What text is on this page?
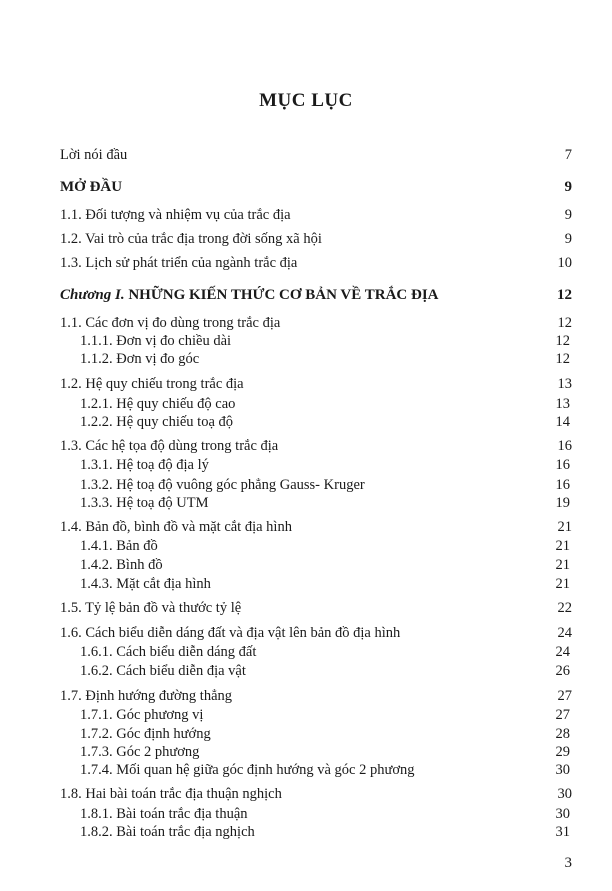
MỤC LỤC
Lời nói đầu	7
MỞ ĐẦU	9
1.1. Đối tượng và nhiệm vụ của trắc địa	9
1.2. Vai trò của trắc địa trong đời sống xã hội	9
1.3. Lịch sử phát triển của ngành trắc địa	10
Chương I. NHỮNG KIẾN THỨC CƠ BẢN VỀ TRẮC ĐỊA	12
1.1. Các đơn vị đo dùng trong trắc địa	12
1.1.1. Đơn vị đo chiều dài	12
1.1.2. Đơn vị đo góc	12
1.2. Hệ quy chiếu trong trắc địa	13
1.2.1. Hệ quy chiếu độ cao	13
1.2.2. Hệ quy chiếu toạ độ	14
1.3. Các hệ tọa độ dùng trong trắc địa	16
1.3.1. Hệ toạ độ địa lý	16
1.3.2. Hệ toạ độ vuông góc phẳng Gauss- Kruger	16
1.3.3. Hệ toạ độ UTM	19
1.4. Bản đồ, bình đồ và mặt cắt địa hình	21
1.4.1. Bản đồ	21
1.4.2. Bình đồ	21
1.4.3. Mặt cắt địa hình	21
1.5. Tỷ lệ bản đồ và thước tỷ lệ	22
1.6. Cách biểu diễn dáng đất và địa vật lên bản đồ địa hình	24
1.6.1. Cách biểu diễn dáng đất	24
1.6.2. Cách biểu diễn địa vật	26
1.7. Định hướng đường thẳng	27
1.7.1. Góc phương vị	27
1.7.2. Góc định hướng	28
1.7.3. Góc 2 phương	29
1.7.4. Mối quan hệ giữa góc định hướng và góc 2 phương	30
1.8. Hai bài toán trắc địa thuận nghịch	30
1.8.1. Bài toán trắc địa thuận	30
1.8.2. Bài toán trắc địa nghịch	31
3
